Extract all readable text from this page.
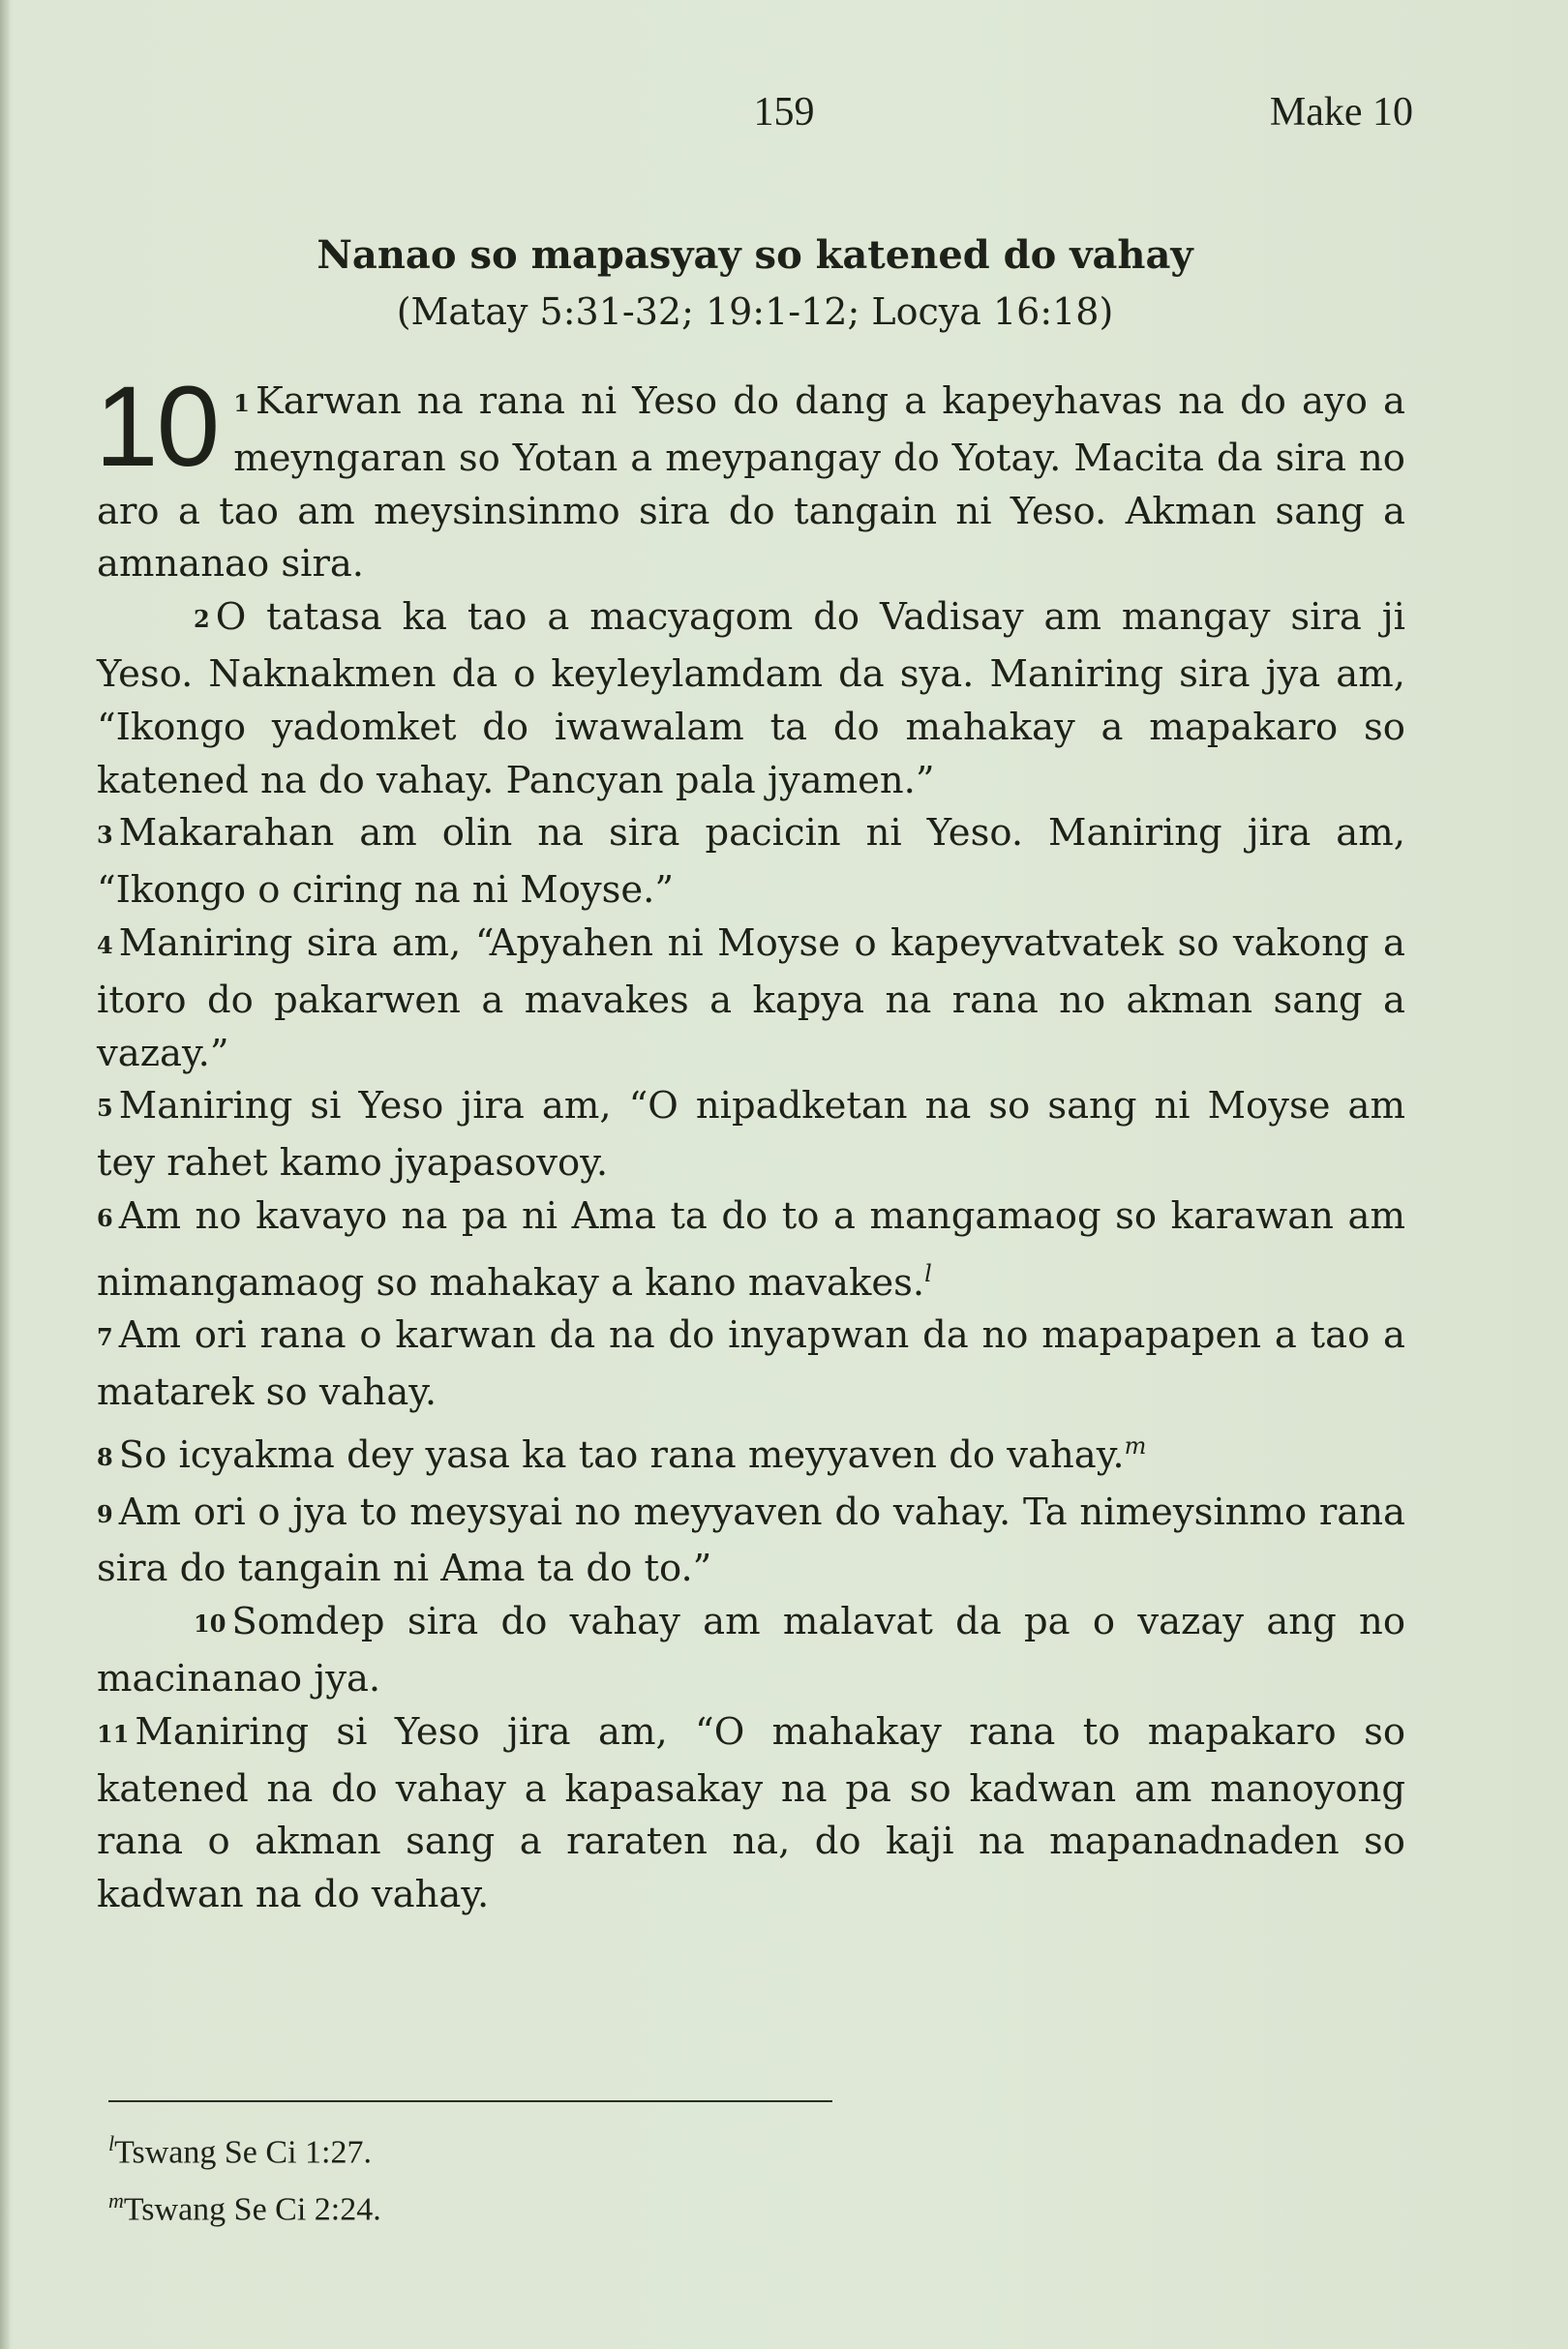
159	Make 10
Nanao so mapasyay so katened do vahay
(Matay 5:31-32; 19:1-12; Locya 16:18)

10 1 Karwan na rana ni Yeso do dang a kapeyhavas na do ayo a meyngaran so Yotan a meypangay do Yotay. Macita da sira no aro a tao am meysinsinmo sira do tangain ni Yeso. Akman sang a amnanao sira.

2 O tatasa ka tao a macyagom do Vadisay am mangay sira ji Yeso. Naknakmen da o keyleylamdam da sya. Maniring sira jya am, “Ikongo yadomket do iwawalam ta do mahakay a mapakaro so katened na do vahay. Pancyan pala jyamen.”

3 Makarahan am olin na sira pacicin ni Yeso. Maniring jira am, “Ikongo o ciring na ni Moyse.”

4 Maniring sira am, “Apyahen ni Moyse o kapeyvatvatek so vakong a itoro do pakarwen a mavakes a kapya na rana no akman sang a vazay.”

5 Maniring si Yeso jira am, “O nipadketan na so sang ni Moyse am tey rahet kamo jyapasovoy.

6 Am no kavayo na pa ni Ama ta do to a mangamaog so karawan am nimangamaog so mahakay a kano mavakes.$^l$

7 Am ori rana o karwan da na do inyapwan da no mapapapen a tao a matarek so vahay.

8 So icyakma dey yasa ka tao rana meyyaven do vahay.$^m$

9 Am ori o jya to meysyai no meyyaven do vahay. Ta nimeysinmo rana sira do tangain ni Ama ta do to.”

10 Somdep sira do vahay am malavat da pa o vazay ang no macinanao jya.

11 Maniring si Yeso jira am, “O mahakay rana to mapakaro so katened na do vahay a kapasakay na pa so kadwan am manoyong rana o akman sang a raraten na, do kaji na mapanadnaden so kadwan na do vahay.

$^l$Tswang Se Ci 1:27.
$^m$Tswang Se Ci 2:24.
